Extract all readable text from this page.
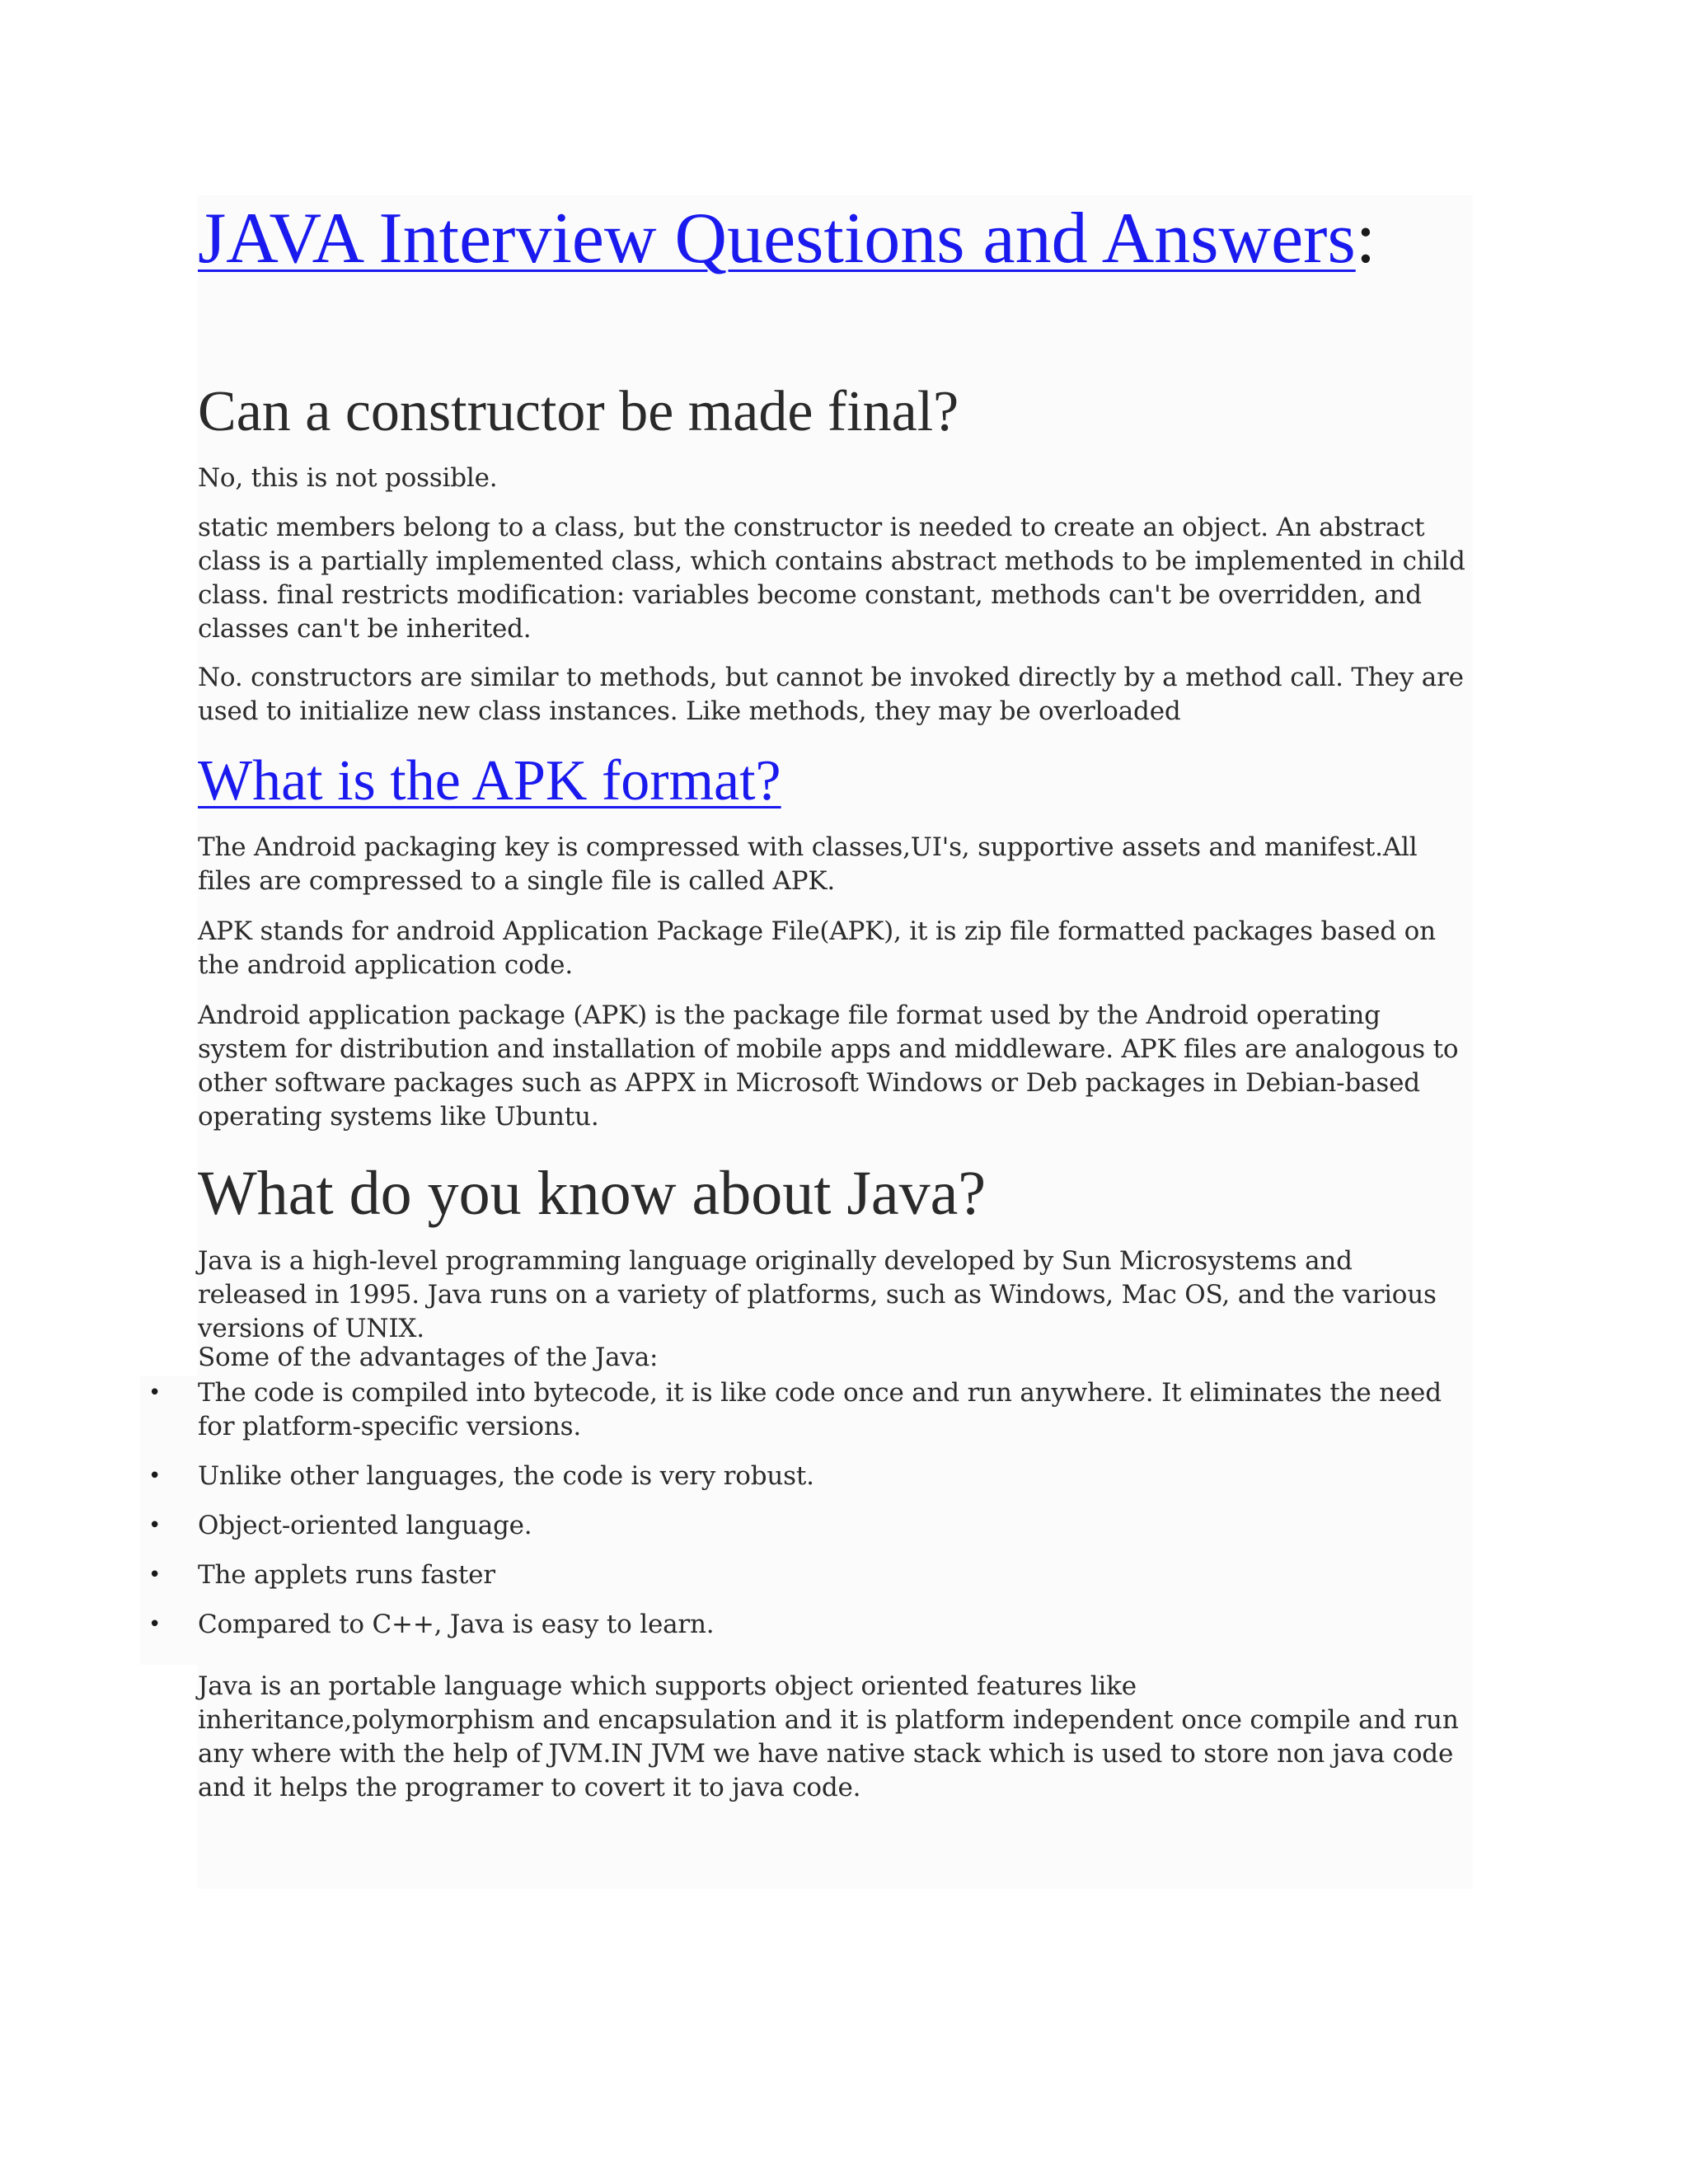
JAVA Interview Questions and Answers:
Can a constructor be made final?

No, this is not possible.

static members belong to a class, but the constructor is needed to create an object. An abstract class is a partially implemented class, which contains abstract methods to be implemented in child class. final restricts modification: variables become constant, methods can't be overridden, and classes can't be inherited.

No. constructors are similar to methods, but cannot be invoked directly by a method call. They are used to initialize new class instances. Like methods, they may be overloaded

What is the APK format?

The Android packaging key is compressed with classes,UI's, supportive assets and manifest.All files are compressed to a single file is called APK.

APK stands for android Application Package File(APK), it is zip file formatted packages based on the android application code.

Android application package (APK) is the package file format used by the Android operating system for distribution and installation of mobile apps and middleware. APK files are analogous to other software packages such as APPX in Microsoft Windows or Deb packages in Debian-based operating systems like Ubuntu.

What do you know about Java?

Java is a high-level programming language originally developed by Sun Microsystems and released in 1995. Java runs on a variety of platforms, such as Windows, Mac OS, and the various versions of UNIX.

Some of the advantages of the Java:

• The code is compiled into bytecode, it is like code once and run anywhere. It eliminates the need for platform-specific versions.
• Unlike other languages, the code is very robust.
• Object-oriented language.
• The applets runs faster
• Compared to C++, Java is easy to learn.

Java is an portable language which supports object oriented features like inheritance,polymorphism and encapsulation and it is platform independent once compile and run any where with the help of JVM.IN JVM we have native stack which is used to store non java code and it helps the programer to covert it to java code.
